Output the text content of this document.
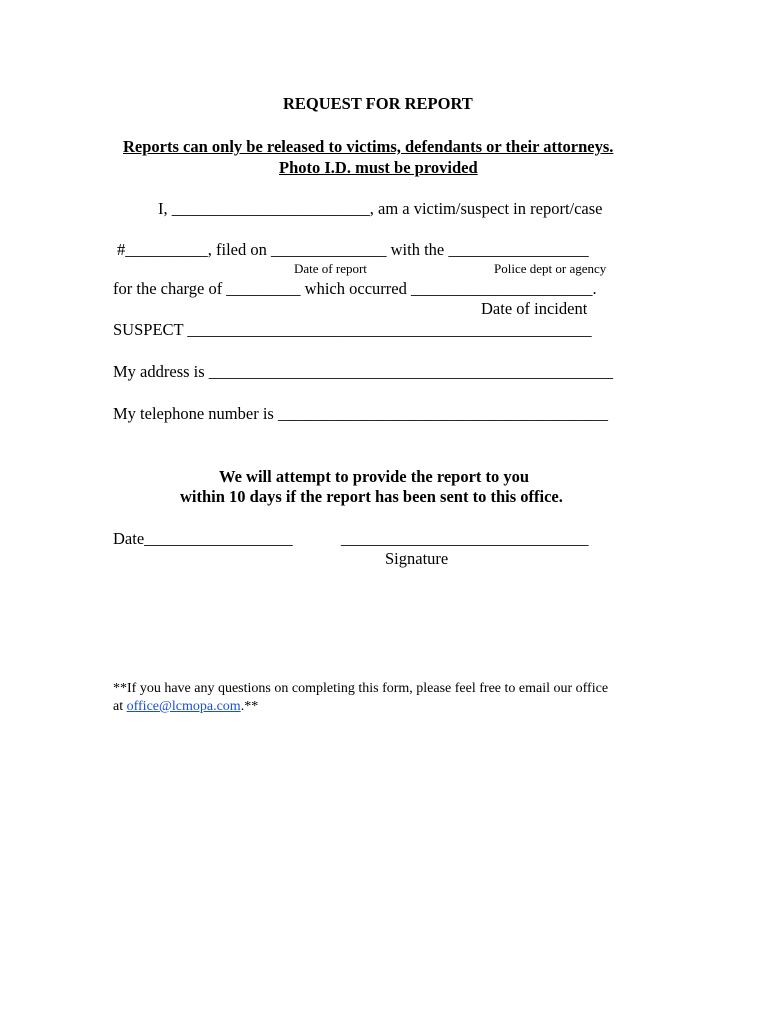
REQUEST FOR REPORT
Reports can only be released to victims, defendants or their attorneys.
Photo I.D. must be provided
I, ________________________, am a victim/suspect in report/case
#__________, filed on ______________ with the _________________
Date of report	Police dept or agency
for the charge of _________ which occurred ______________________.
Date of incident
SUSPECT _________________________________________________
My address is _________________________________________________
My telephone number is ________________________________________
We will attempt to provide the report to you
within 10 days if the report has been sent to this office.
Date__________________	______________________________
Signature
**If you have any questions on completing this form, please feel free to email our office
at office@lcmopa.com.**
